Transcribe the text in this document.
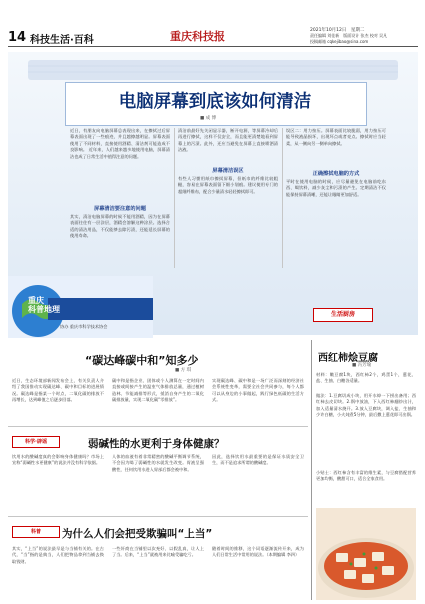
14 科技生活·百科	重庆科技报	2021年10月12日　星期二
责任编辑 刘佳新　版面设计 张杰 校对 吴凡
投稿邮箱 cqkejibao@sina.com
电脑屏幕到底该如何清洁
■ 成 博
近日，有朋友向电脑屏幕总表现出来，在擦拭过后屏幕表面出现了一些痕迹，并且越擦越明显。屏幕表面使用了不同材料，直接使用酒精、清洁剂可能造成不良影响。 近年来，人们越来越多地使用电脑，屏幕清洁也成了日常生活中值得注意的问题。
屏幕清洁要注意的问题
其实，清洁电脑屏幕的时候不能用酒精，因为在屏幕表面往往有一层涂层，酒精会溶解这种涂层。选择合适的清洁用品，不仅能够去除污渍，还能延长屏幕的使用寿命。
清洁前最好先关闭显示器，断开电源，等屏幕冷却后再进行擦拭，这样不仅安全，而且能更清楚地看到屏幕上的污渍。此外，还应当避免在屏幕上直接喷洒清洁液。
屏幕清洁误区
有些人习惯用纸巾擦拭屏幕，但纸巾的纤维比较粗糙，容易在屏幕表面留下细小划痕。建议使用专门的超细纤维布，配合少量清水轻轻擦拭即可。
误区二：用力按压。屏幕表面比较脆弱，用力按压可能导致液晶损坏，出现坏点或者亮点。擦拭时应当轻柔，从一侧向另一侧单向擦拭。
正确擦拭电脑的方式
平时在使用电脑的时候，应尽量避免在电脑前吃东西、喝饮料，减少灰尘和污渍的产生。定期清洁不仅能保持屏幕清晰，还能让眼睛更加舒适。
重庆
科普地理
协办 重庆市科学技术协会
生活厨房
西红柿烩豆腐
■ 冯芳瑜
材料：嫩豆腐1块，西红柿2个，鸡蛋1个，葱花、盐、生抽、白糖各适量。
做法：1.豆腐切成小块，用开水焯一下捞出备用；西红柿去皮切块。2.锅中放油，下入西红柿翻炒出汁，加入适量清水烧开。3.放入豆腐块，调入盐、生抽和少许白糖，小火炖煮5分钟，最后撒上葱花即可出锅。
小贴士：西红柿含有丰富的维生素，与豆腐搭配营养更加均衡，酸甜可口，适合全家食用。
“碳达峰碳中和”知多少
■ 方 琪
近日，生态环境部新闻发布会上，有关负责人介绍了我国推动实现碳达峰、碳中和目标的进展情况。碳达峰是指某一个时点，二氧化碳的排放不再增长，达到峰值之后逐步回落。
碳中和是指企业、团体或个人测算在一定时间内直接或间接产生的温室气体排放总量，通过植树造林、节能减排等形式，抵消自身产生的二氧化碳排放量，实现二氧化碳“零排放”。
实现碳达峰、碳中和是一场广泛而深刻的经济社会系统性变革，需要全社会共同参与，每个人都可以从身边的小事做起，践行绿色低碳的生活方式。
科学·辟谣	弱碱性的水更利于身体健康？
饮用水的酸碱度真的会影响身体健康吗？市场上宣称“弱碱性水更健康”的说法并没有科学依据。
人体的血液有着非常精密的酸碱平衡调节系统，不会因为喝了弱碱性的水就发生改变。胃液呈强酸性，任何饮用水进入胃部后都会被中和。
因此，选择饮用水最重要的是保证水质安全卫生，而不是追求所谓的酸碱度。
科普	为什么人们会把受欺骗叫“上当”
其实，“上当”的说法最早是与当铺有关的。在古代，“当”指的是典当，人们把物品拿到当铺去换取钱财。
一些奸商在当铺里以次充好、以假乱真，让人上了当。后来，“上当”就被用来比喻受骗吃亏。
随着时间的推移，这个词语逐渐流传开来，成为人们日常生活中常用的说法。（本期编辑 李四）
